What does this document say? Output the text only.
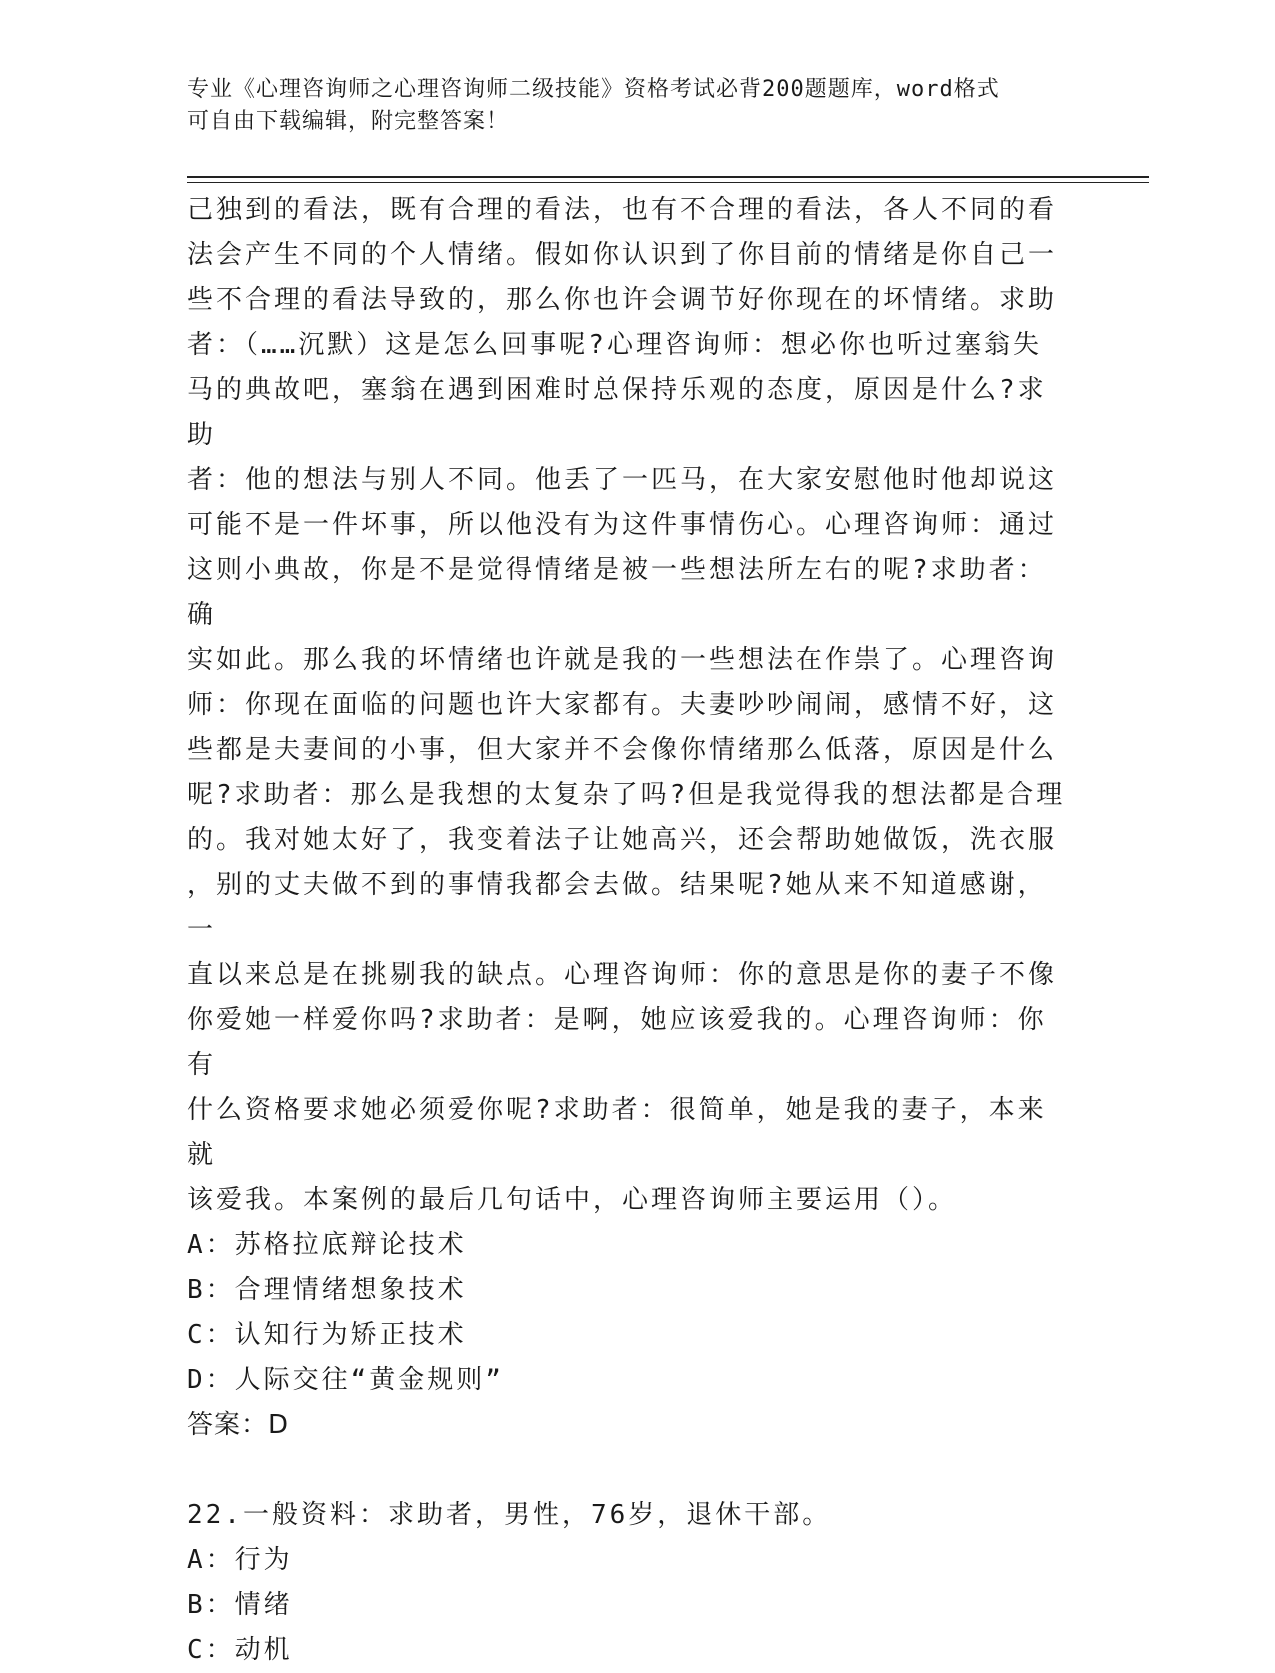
专业《心理咨询师之心理咨询师二级技能》资格考试必背200题题库，word格式
可自由下载编辑，附完整答案！

己独到的看法，既有合理的看法，也有不合理的看法，各人不同的看

法会产生不同的个人情绪。假如你认识到了你目前的情绪是你自己一

些不合理的看法导致的，那么你也许会调节好你现在的坏情绪。求助

者：（……沉默）这是怎么回事呢?心理咨询师：想必你也听过塞翁失

马的典故吧，塞翁在遇到困难时总保持乐观的态度，原因是什么?求助

者：他的想法与别人不同。他丢了一匹马，在大家安慰他时他却说这

可能不是一件坏事，所以他没有为这件事情伤心。心理咨询师：通过

这则小典故，你是不是觉得情绪是被一些想法所左右的呢?求助者：确

实如此。那么我的坏情绪也许就是我的一些想法在作祟了。心理咨询

师：你现在面临的问题也许大家都有。夫妻吵吵闹闹，感情不好，这

些都是夫妻间的小事，但大家并不会像你情绪那么低落，原因是什么

呢?求助者：那么是我想的太复杂了吗?但是我觉得我的想法都是合理

的。我对她太好了，我变着法子让她高兴，还会帮助她做饭，洗衣服

，别的丈夫做不到的事情我都会去做。结果呢?她从来不知道感谢，一

直以来总是在挑剔我的缺点。心理咨询师：你的意思是你的妻子不像

你爱她一样爱你吗?求助者：是啊，她应该爱我的。心理咨询师：你有

什么资格要求她必须爱你呢?求助者：很简单，她是我的妻子，本来就

该爱我。本案例的最后几句话中，心理咨询师主要运用（）。

A：苏格拉底辩论技术

B：合理情绪想象技术

C：认知行为矫正技术

D：人际交往“黄金规则”

答案：D

22.一般资料：求助者，男性，76岁，退休干部。

A：行为

B：情绪

C：动机
